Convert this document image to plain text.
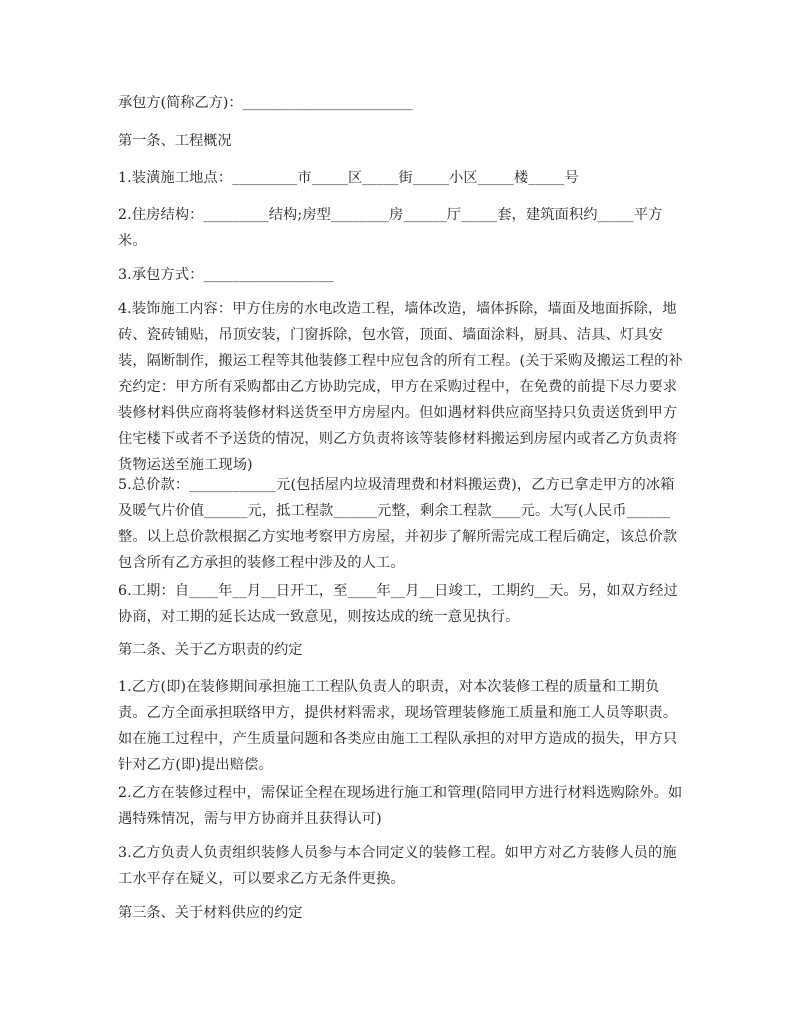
承包方(简称乙方)：________________________

第一条、工程概况

1.装潢施工地点：_________市_____区_____街_____小区_____楼_____号

2.住房结构：_________结构;房型________房______厅_____套，建筑面积约_____平方米。

3.承包方式：__________________

4.装饰施工内容：甲方住房的水电改造工程，墙体改造，墙体拆除，墙面及地面拆除，地砖、瓷砖铺贴，吊顶安装，门窗拆除，包水管，顶面、墙面涂料，厨具、洁具、灯具安装，隔断制作，搬运工程等其他装修工程中应包含的所有工程。(关于采购及搬运工程的补充约定：甲方所有采购都由乙方协助完成，甲方在采购过程中，在免费的前提下尽力要求装修材料供应商将装修材料送货至甲方房屋内。但如遇材料供应商坚持只负责送货到甲方住宅楼下或者不予送货的情况，则乙方负责将该等装修材料搬运到房屋内或者乙方负责将货物运送至施工现场)

5.总价款：____________元(包括屋内垃圾清理费和材料搬运费)，乙方已拿走甲方的冰箱及暖气片价值______元，抵工程款______元整，剩余工程款____元。大写(人民币______整。以上总价款根据乙方实地考察甲方房屋，并初步了解所需完成工程后确定，该总价款包含所有乙方承担的装修工程中涉及的人工。

6.工期：自____年__月__日开工，至____年__月__日竣工，工期约__天。另，如双方经过协商，对工期的延长达成一致意见，则按达成的统一意见执行。

第二条、关于乙方职责的约定

1.乙方(即)在装修期间承担施工工程队负责人的职责，对本次装修工程的质量和工期负责。乙方全面承担联络甲方，提供材料需求，现场管理装修施工质量和施工人员等职责。如在施工过程中，产生质量问题和各类应由施工工程队承担的对甲方造成的损失，甲方只针对乙方(即)提出赔偿。

2.乙方在装修过程中，需保证全程在现场进行施工和管理(陪同甲方进行材料选购除外。如遇特殊情况，需与甲方协商并且获得认可)

3.乙方负责人负责组织装修人员参与本合同定义的装修工程。如甲方对乙方装修人员的施工水平存在疑义，可以要求乙方无条件更换。

第三条、关于材料供应的约定
